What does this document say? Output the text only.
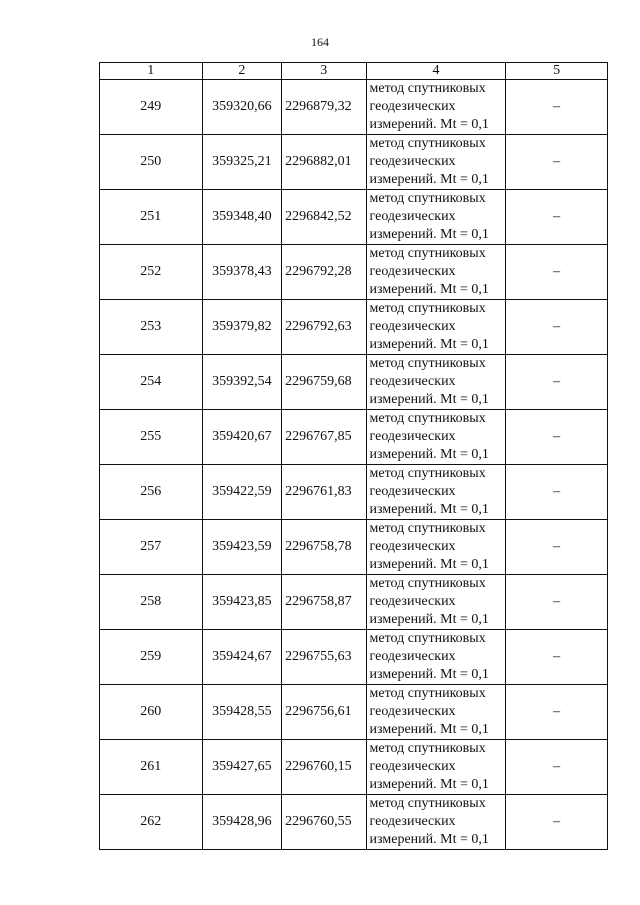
164
1	2	3	4	5
249	359320,66	2296879,32	метод спутниковых
геодезических
измерений. Mt = 0,1	–
250	359325,21	2296882,01	метод спутниковых
геодезических
измерений. Mt = 0,1	–
251	359348,40	2296842,52	метод спутниковых
геодезических
измерений. Mt = 0,1	–
252	359378,43	2296792,28	метод спутниковых
геодезических
измерений. Mt = 0,1	–
253	359379,82	2296792,63	метод спутниковых
геодезических
измерений. Mt = 0,1	–
254	359392,54	2296759,68	метод спутниковых
геодезических
измерений. Mt = 0,1	–
255	359420,67	2296767,85	метод спутниковых
геодезических
измерений. Mt = 0,1	–
256	359422,59	2296761,83	метод спутниковых
геодезических
измерений. Mt = 0,1	–
257	359423,59	2296758,78	метод спутниковых
геодезических
измерений. Mt = 0,1	–
258	359423,85	2296758,87	метод спутниковых
геодезических
измерений. Mt = 0,1	–
259	359424,67	2296755,63	метод спутниковых
геодезических
измерений. Mt = 0,1	–
260	359428,55	2296756,61	метод спутниковых
геодезических
измерений. Mt = 0,1	–
261	359427,65	2296760,15	метод спутниковых
геодезических
измерений. Mt = 0,1	–
262	359428,96	2296760,55	метод спутниковых
геодезических
измерений. Mt = 0,1	–
